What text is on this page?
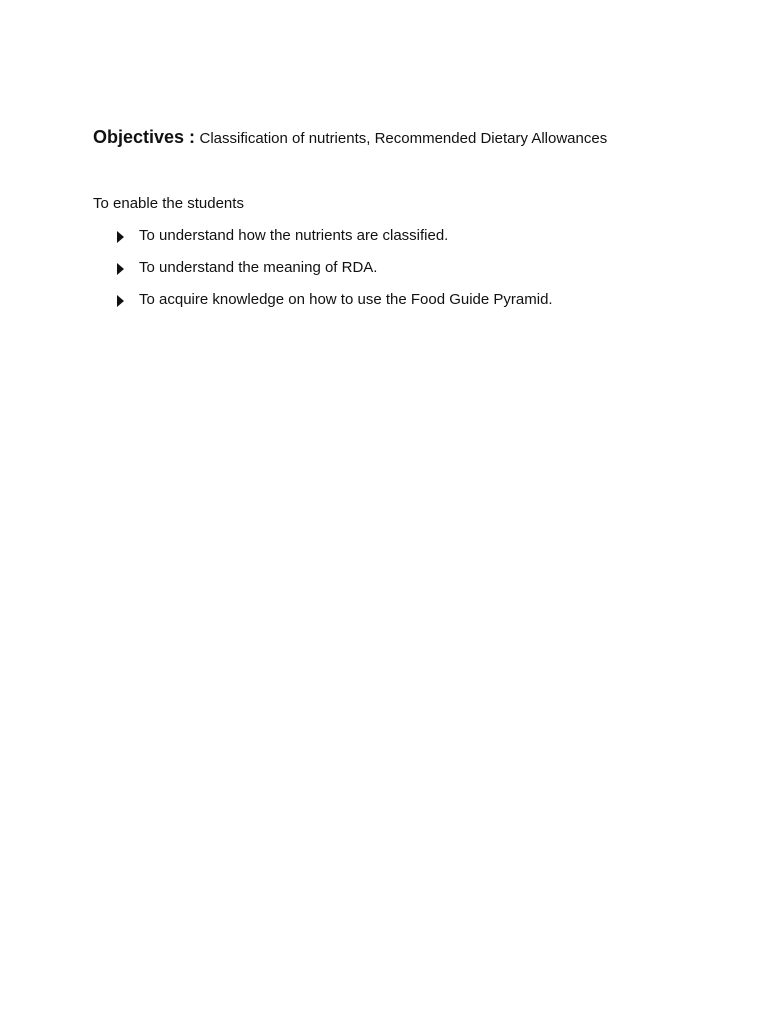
Objectives : Classification of nutrients, Recommended Dietary Allowances
To enable the students
To understand how the nutrients are classified.
To understand the meaning of RDA.
To acquire knowledge on how to use the Food Guide Pyramid.
